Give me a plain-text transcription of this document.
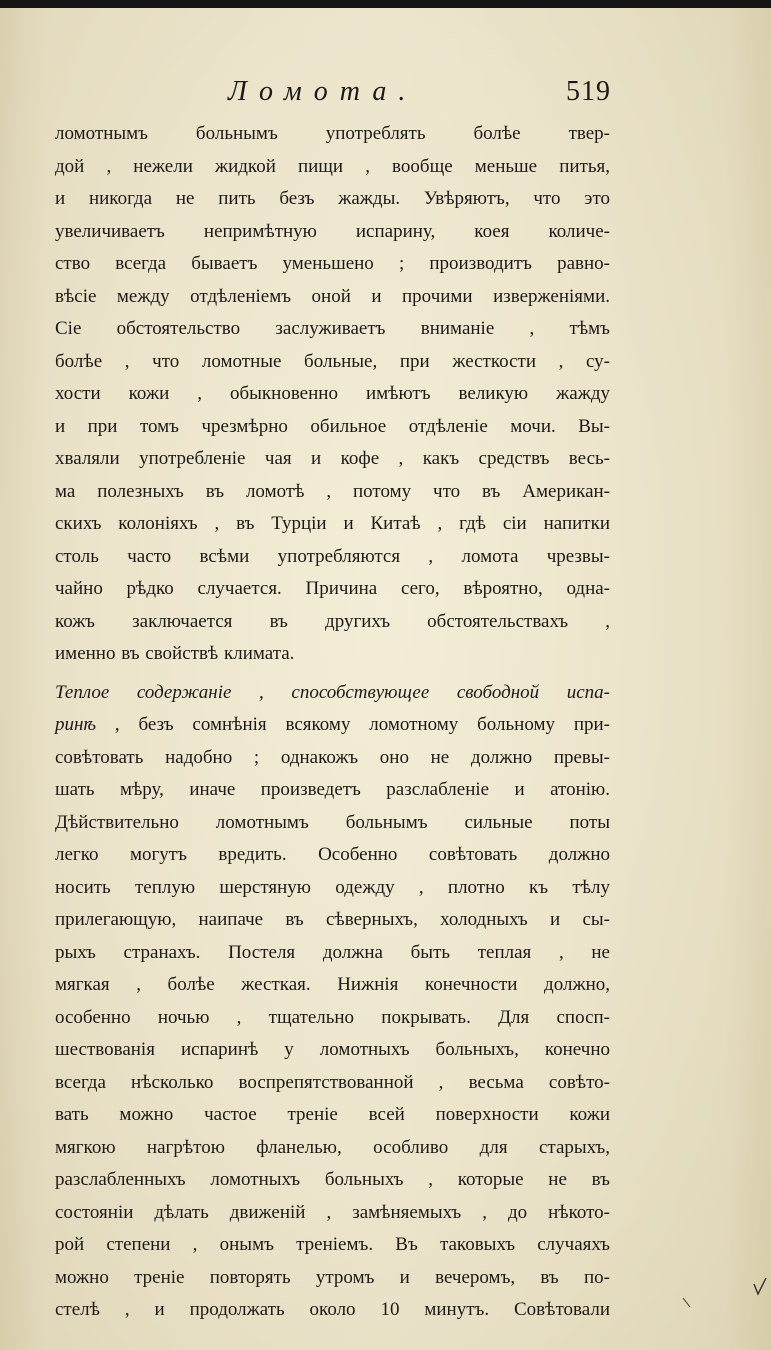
Ломота.	519
ломотнымъ больнымъ употреблять болѣе твер-
дой , нежели жидкой пищи , вообще меньше питья,
и никогда не пить безъ жажды. Увѣряютъ, что это
увеличиваетъ непримѣтную испарину, коея количе-
ство всегда бываетъ уменьшено ; производитъ равно-
вѣсіе между отдѣленіемъ оной и прочими изверженіями.
Сіе обстоятельство заслуживаетъ вниманіе , тѣмъ
болѣе , что ломотные больные, при жесткости , су-
хости кожи , обыкновенно имѣютъ великую жажду
и при томъ чрезмѣрно обильное отдѣленіе мочи. Вы-
хваляли употребленіе чая и кофе , какъ средствъ весь-
ма полезныхъ въ ломотѣ , потому что въ Американ-
скихъ колоніяхъ , въ Турціи и Китаѣ , гдѣ сіи напитки
столь часто всѣми употребляются , ломота чрезвы-
чайно рѣдко случается. Причина сего, вѣроятно, одна-
кожъ заключается въ другихъ обстоятельствахъ ,
именно въ свойствѣ климата.
Теплое содержаніе , способствующее свободной испа-
ринѣ , безъ сомнѣнія всякому ломотному больному при-
совѣтовать надобно ; однакожъ оно не должно превы-
шать мѣру, иначе произведетъ разслабленіе и атонію.
Дѣйствительно ломотнымъ больнымъ сильные поты
легко могутъ вредить. Особенно совѣтовать должно
носить теплую шерстяную одежду , плотно къ тѣлу
прилегающую, наипаче въ сѣверныхъ, холодныхъ и сы-
рыхъ странахъ. Постеля должна быть теплая , не
мягкая , болѣе жесткая. Нижнія конечности должно,
особенно ночью , тщательно покрывать. Для спосп-
шествованія испаринѣ у ломотныхъ больныхъ, конечно
всегда нѣсколько воспрепятствованной , весьма совѣто-
вать можно частое треніе всей поверхности кожи
мягкою нагрѣтою фланелью, особливо для старыхъ,
разслабленныхъ ломотныхъ больныхъ , которые не въ
состояніи дѣлать движеній , замѣняемыхъ , до нѣкото-
рой степени , онымъ треніемъ. Въ таковыхъ случаяхъ
можно треніе повторять утромъ и вечеромъ, въ по-
стелѣ , и продолжать около 10 минутъ. Совѣтовали
